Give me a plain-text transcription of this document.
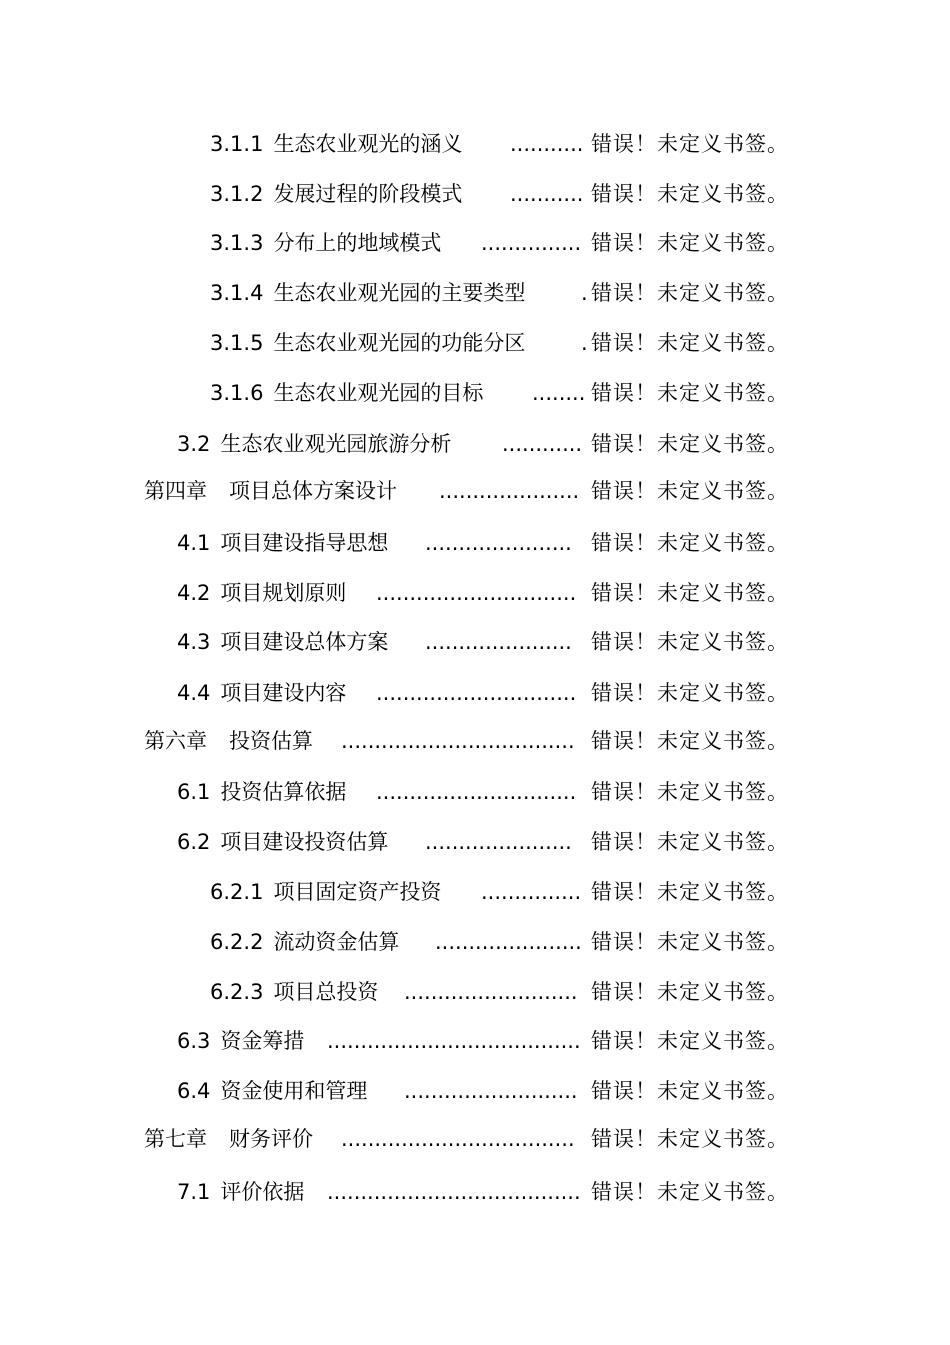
3.1.1 生态农业观光的涵义 ........... 错误！未定义书签。
3.1.2 发展过程的阶段模式 ........... 错误！未定义书签。
3.1.3 分布上的地域模式 ............... 错误！未定义书签。
3.1.4 生态农业观光园的主要类型	. 错误！未定义书签。
3.1.5 生态农业观光园的功能分区	. 错误！未定义书签。
3.1.6 生态农业观光园的目标 ........ 错误！未定义书签。
3.2 生态农业观光园旅游分析 ............ 错误！未定义书签。
第四章 项目总体方案设计 ..................... 错误！未定义书签。
4.1 项目建设指导思想 ...................... 错误！未定义书签。
4.2 项目规划原则 .............................. 错误！未定义书签。
4.3 项目建设总体方案 ...................... 错误！未定义书签。
4.4 项目建设内容 .............................. 错误！未定义书签。
第六章 投资估算 ................................... 错误！未定义书签。
6.1 投资估算依据 .............................. 错误！未定义书签。
6.2 项目建设投资估算 ...................... 错误！未定义书签。
6.2.1 项目固定资产投资 ............... 错误！未定义书签。
6.2.2 流动资金估算 ...................... 错误！未定义书签。
6.2.3 项目总投资 .......................... 错误！未定义书签。
6.3 资金筹措 ...................................... 错误！未定义书签。
6.4 资金使用和管理 .......................... 错误！未定义书签。
第七章 财务评价 ................................... 错误！未定义书签。
7.1 评价依据 ...................................... 错误！未定义书签。
